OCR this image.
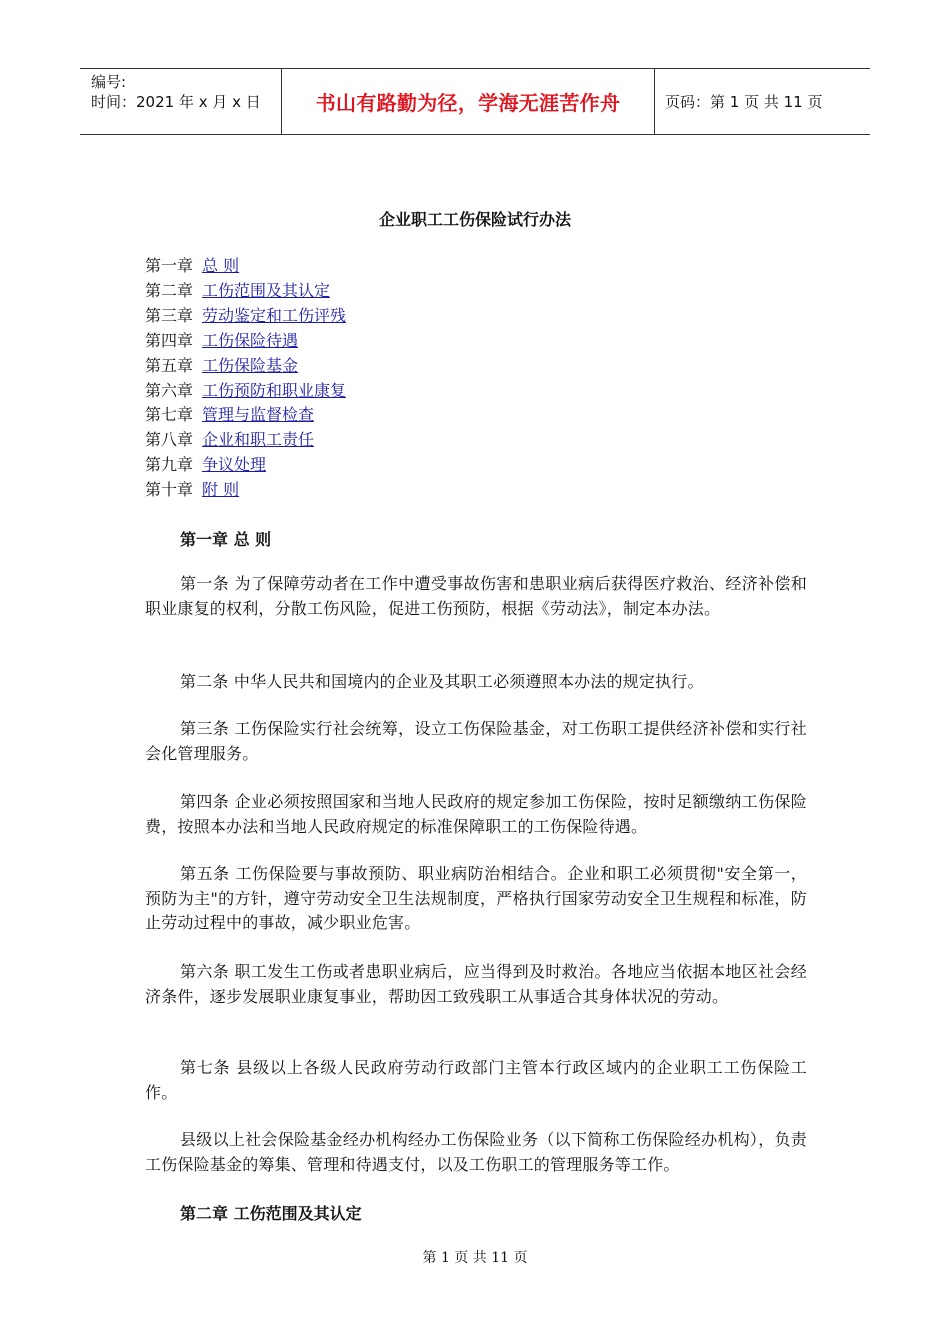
编号:
时间：2021 年 x 月 x 日	书山有路勤为径，学海无涯苦作舟	页码：第 1 页 共 11 页
企业职工工伤保险试行办法
第一章 总 则
第二章 工伤范围及其认定
第三章 劳动鉴定和工伤评残
第四章 工伤保险待遇
第五章 工伤保险基金
第六章 工伤预防和职业康复
第七章 管理与监督检查
第八章 企业和职工责任
第九章 争议处理
第十章 附 则
第一章 总 则

第一条 为了保障劳动者在工作中遭受事故伤害和患职业病后获得医疗救治、经济补偿和职业康复的权利，分散工伤风险，促进工伤预防，根据《劳动法》，制定本办法。

第二条 中华人民共和国境内的企业及其职工必须遵照本办法的规定执行。

第三条 工伤保险实行社会统筹，设立工伤保险基金，对工伤职工提供经济补偿和实行社会化管理服务。

第四条 企业必须按照国家和当地人民政府的规定参加工伤保险，按时足额缴纳工伤保险费，按照本办法和当地人民政府规定的标准保障职工的工伤保险待遇。

第五条 工伤保险要与事故预防、职业病防治相结合。企业和职工必须贯彻"安全第一，预防为主"的方针，遵守劳动安全卫生法规制度，严格执行国家劳动安全卫生规程和标准，防止劳动过程中的事故，减少职业危害。

第六条 职工发生工伤或者患职业病后，应当得到及时救治。各地应当依据本地区社会经济条件，逐步发展职业康复事业，帮助因工致残职工从事适合其身体状况的劳动。

第七条 县级以上各级人民政府劳动行政部门主管本行政区域内的企业职工工伤保险工作。

县级以上社会保险基金经办机构经办工伤保险业务（以下简称工伤保险经办机构），负责工伤保险基金的筹集、管理和待遇支付，以及工伤职工的管理服务等工作。

第二章 工伤范围及其认定
第 1 页 共 11 页
